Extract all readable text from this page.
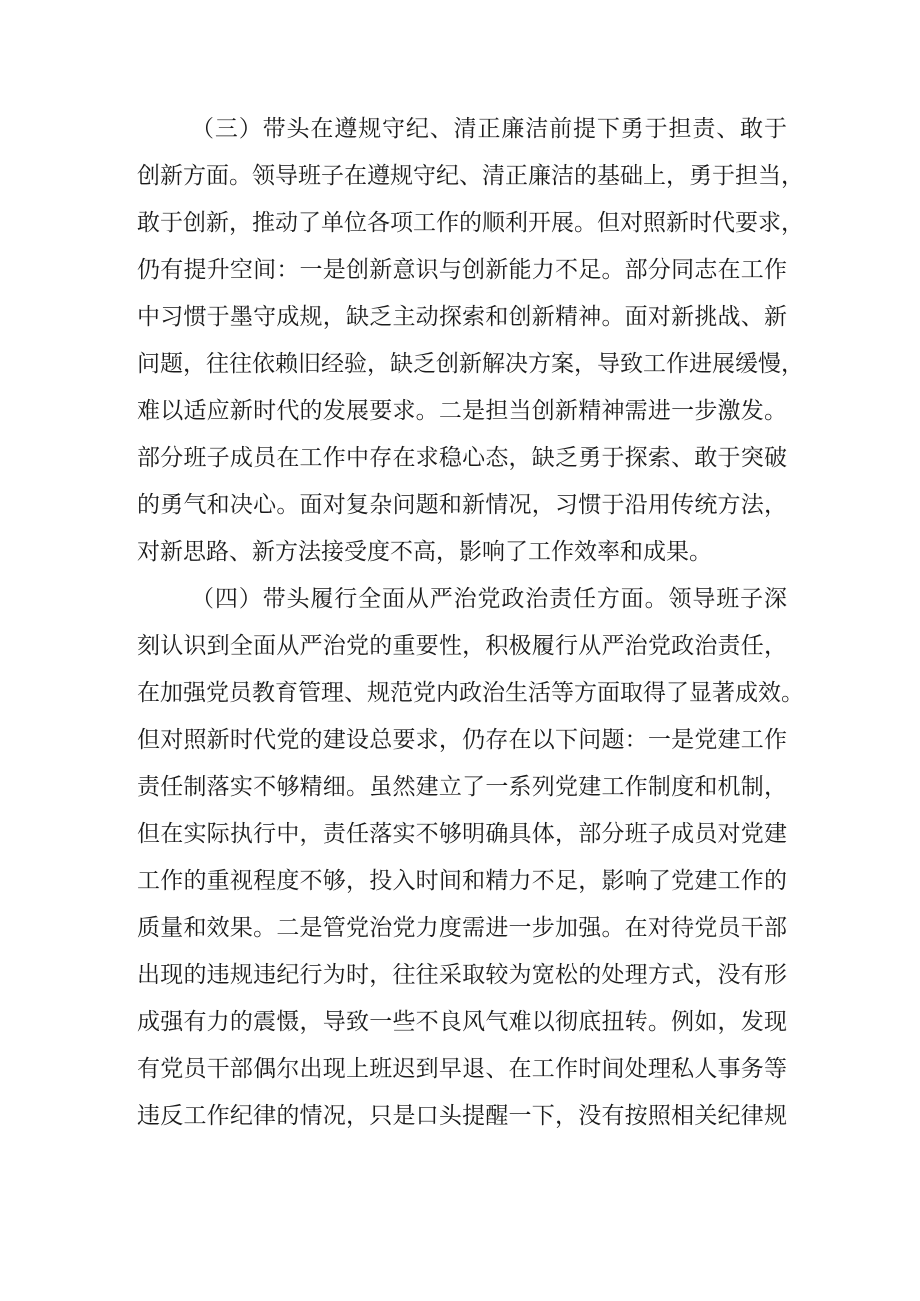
（三）带头在遵规守纪、清正廉洁前提下勇于担责、敢于
创新方面。领导班子在遵规守纪、清正廉洁的基础上，勇于担当，
敢于创新，推动了单位各项工作的顺利开展。但对照新时代要求，
仍有提升空间：一是创新意识与创新能力不足。部分同志在工作
中习惯于墨守成规，缺乏主动探索和创新精神。面对新挑战、新
问题，往往依赖旧经验，缺乏创新解决方案，导致工作进展缓慢，
难以适应新时代的发展要求。二是担当创新精神需进一步激发。
部分班子成员在工作中存在求稳心态，缺乏勇于探索、敢于突破
的勇气和决心。面对复杂问题和新情况，习惯于沿用传统方法，
对新思路、新方法接受度不高，影响了工作效率和成果。
（四）带头履行全面从严治党政治责任方面。领导班子深
刻认识到全面从严治党的重要性，积极履行从严治党政治责任，
在加强党员教育管理、规范党内政治生活等方面取得了显著成效。
但对照新时代党的建设总要求，仍存在以下问题：一是党建工作
责任制落实不够精细。虽然建立了一系列党建工作制度和机制，
但在实际执行中，责任落实不够明确具体，部分班子成员对党建
工作的重视程度不够，投入时间和精力不足，影响了党建工作的
质量和效果。二是管党治党力度需进一步加强。在对待党员干部
出现的违规违纪行为时，往往采取较为宽松的处理方式，没有形
成强有力的震慑，导致一些不良风气难以彻底扭转。例如，发现
有党员干部偶尔出现上班迟到早退、在工作时间处理私人事务等
违反工作纪律的情况，只是口头提醒一下，没有按照相关纪律规
